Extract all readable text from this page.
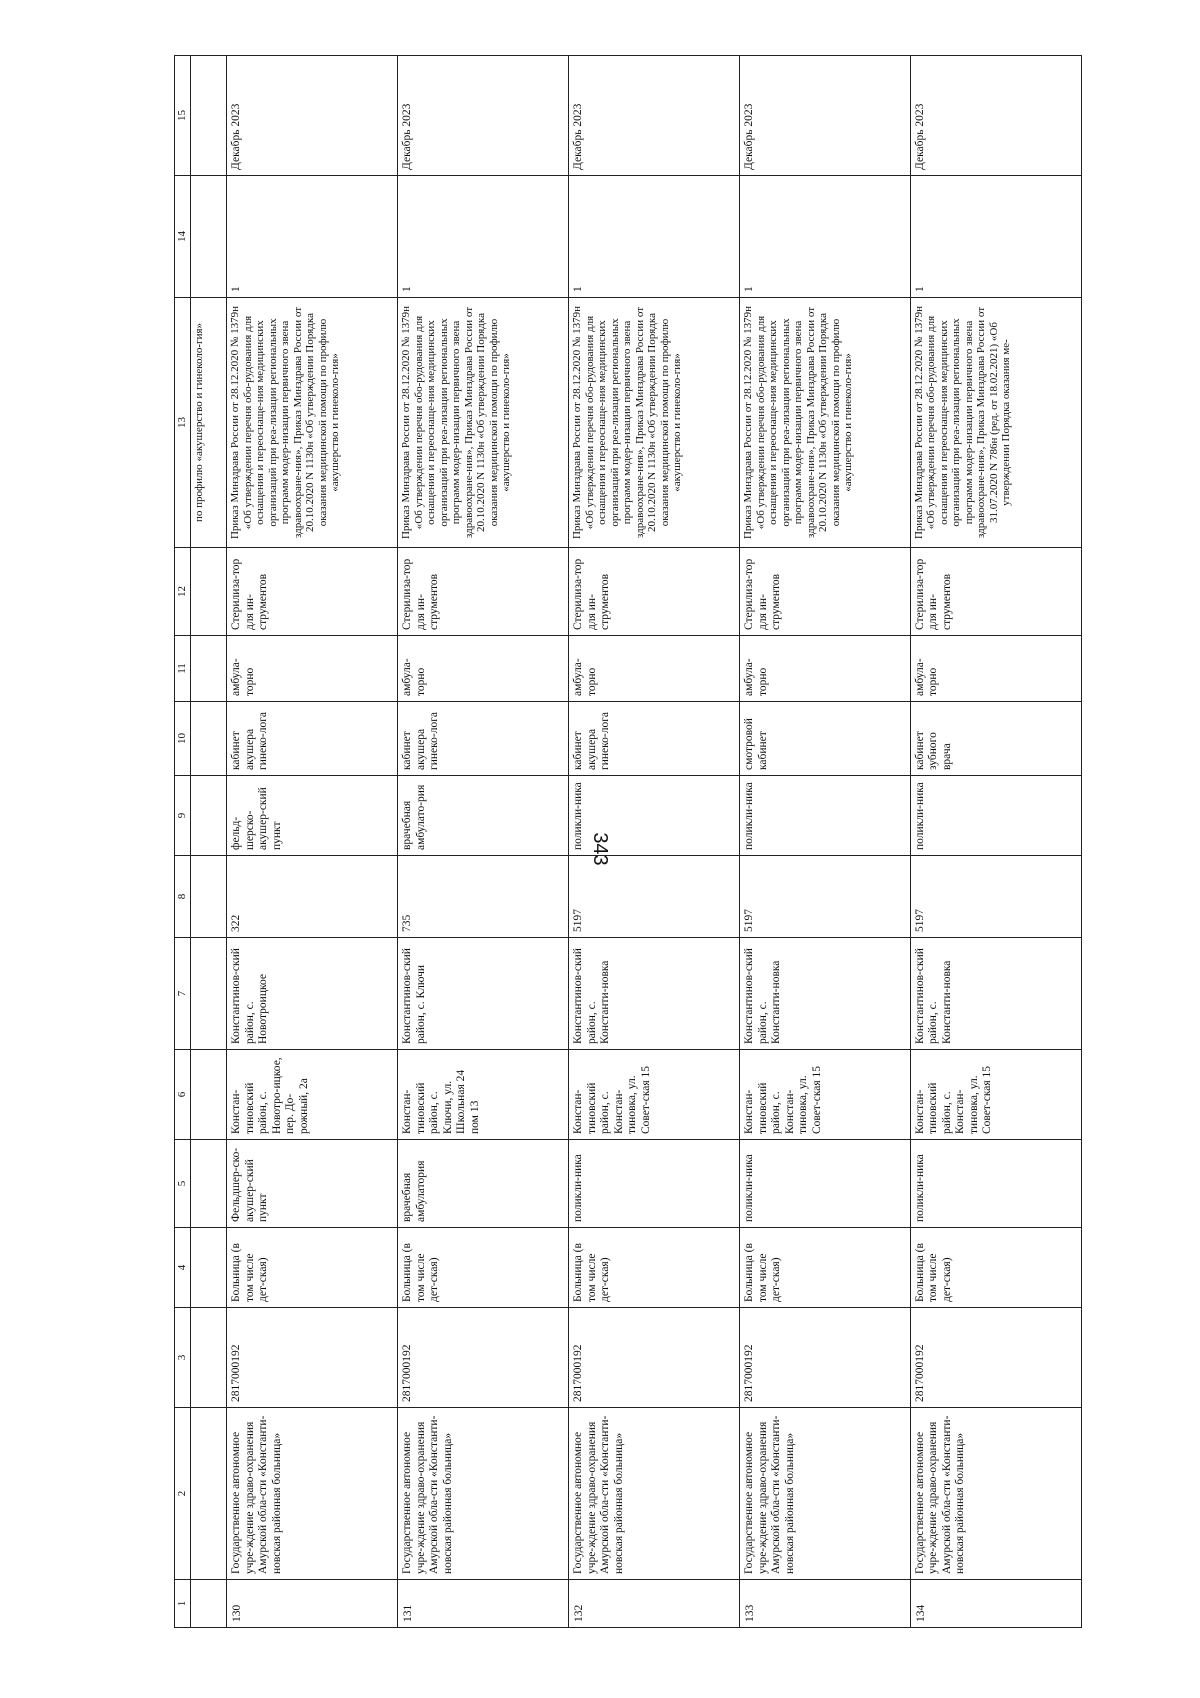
343
1	2	3	4	5	6	7	8	9	10	11	12	13	14	15
												по профилю «акушерство и гинеколо-гия»		
130	Государственное автономное учре-ждение здраво-охранения Амурской обла-сти «Константи-новская районная больница»	2817000192	Больница (в том числе дет-ская)	Фельдшер-ско-акушер-ский пункт	Констан-тиновский район, с. Новотро-ицкое, пер. До-рожный, 2а	Константинов-ский район, с. Новотроицкое	322	фельд-шерско-акушер-ский пункт	кабинет акушера гинеко-лога	амбула-торно	Стерилиза-тор для ин-струментов	Приказ Минздрава России от 28.12.2020 № 1379н «Об утверждении перечня обо-рудования для оснащения и переоснаще-ния медицинских организаций при реа-лизации региональных программ модер-низации первичного звена здравоохране-ния», Приказ Минздрава России от 20.10.2020 N 1130н «Об утверждении Порядка оказания медицинской помощи по профилю «акушерство и гинеколо-гия»	1	Декабрь 2023
131	Государственное автономное учре-ждение здраво-охранения Амурской обла-сти «Константи-новская районная больница»	2817000192	Больница (в том числе дет-ская)	врачебная амбулатория	Констан-тиновский район, с. Ключи, ул. Школьная 24 пом 13	Константинов-ский район, с. Ключи	735	врачебная амбулато-рия	кабинет акушера гинеко-лога	амбула-торно	Стерилиза-тор для ин-струментов	Приказ Минздрава России от 28.12.2020 № 1379н «Об утверждении перечня обо-рудования для оснащения и переоснаще-ния медицинских организаций при реа-лизации региональных программ модер-низации первичного звена здравоохране-ния», Приказ Минздрава России от 20.10.2020 N 1130н «Об утверждении Порядка оказания медицинской помощи по профилю «акушерство и гинеколо-гия»	1	Декабрь 2023
132	Государственное автономное учре-ждение здраво-охранения Амурской обла-сти «Константи-новская районная больница»	2817000192	Больница (в том числе дет-ская)	поликли-ника	Констан-тиновский район, с. Констан-тиновка, ул. Совет-ская 15	Константинов-ский район, с. Константи-новка	5197	поликли-ника	кабинет акушера гинеко-лога	амбула-торно	Стерилиза-тор для ин-струментов	Приказ Минздрава России от 28.12.2020 № 1379н «Об утверждении перечня обо-рудования для оснащения и переоснаще-ния медицинских организаций при реа-лизации региональных программ модер-низации первичного звена здравоохране-ния», Приказ Минздрава России от 20.10.2020 N 1130н «Об утверждении Порядка оказания медицинской помощи по профилю «акушерство и гинеколо-гия»	1	Декабрь 2023
133	Государственное автономное учре-ждение здраво-охранения Амурской обла-сти «Константи-новская районная больница»	2817000192	Больница (в том числе дет-ская)	поликли-ника	Констан-тиновский район, с. Констан-тиновка, ул. Совет-ская 15	Константинов-ский район, с. Константи-новка	5197	поликли-ника	смотровой кабинет	амбула-торно	Стерилиза-тор для ин-струментов	Приказ Минздрава России от 28.12.2020 № 1379н «Об утверждении перечня обо-рудования для оснащения и переоснаще-ния медицинских организаций при реа-лизации региональных программ модер-низации первичного звена здравоохране-ния», Приказ Минздрава России от 20.10.2020 N 1130н «Об утверждении Порядка оказания медицинской помощи по профилю «акушерство и гинеколо-гия»	1	Декабрь 2023
134	Государственное автономное учре-ждение здраво-охранения Амурской обла-сти «Константи-новская районная больница»	2817000192	Больница (в том числе дет-ская)	поликли-ника	Констан-тиновский район, с. Констан-тиновка, ул. Совет-ская 15	Константинов-ский район, с. Константи-новка	5197	поликли-ника	кабинет зубного врача	амбула-торно	Стерилиза-тор для ин-струментов	Приказ Минздрава России от 28.12.2020 № 1379н «Об утверждении перечня обо-рудования для оснащения и переоснаще-ния медицинских организаций при реа-лизации региональных программ модер-низации первичного звена здравоохране-ния», Приказ Минздрава России от 31.07.2020 N 786н (ред. от 18.02.2021) «Об утверждении Порядка оказания ме-	1	Декабрь 2023
